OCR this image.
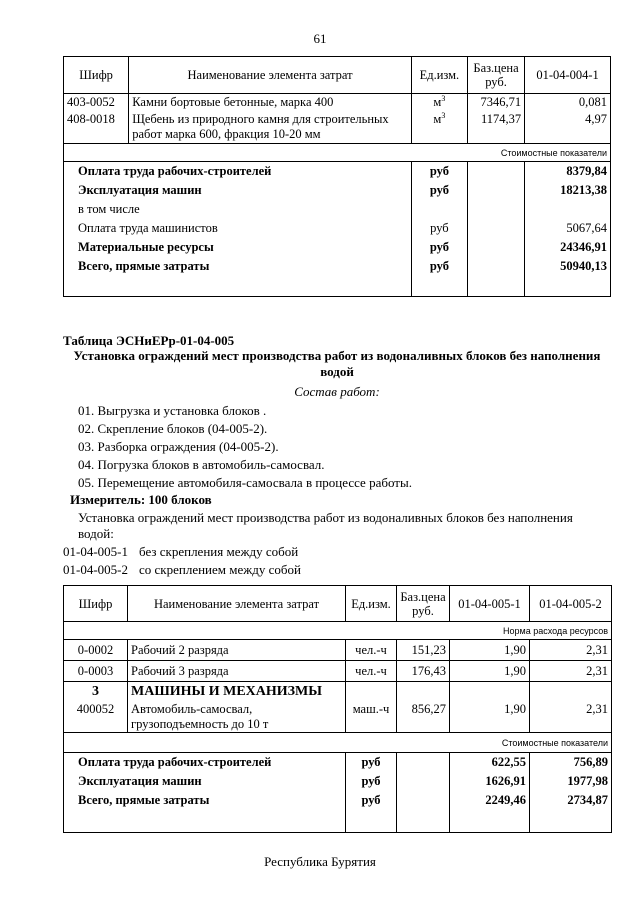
61
Шифр	Наименование элемента затрат	Ед.изм.	Баз.цена руб.	01-04-004-1
403-0052	Камни бортовые бетонные, марка 400	$м^3$	7346,71	0,081
408-0018	Щебень из природного камня для строительных работ марка 600, фракция 10-20 мм	$м^3$	1174,37	4,97
				Стоимостные показатели
Оплата труда рабочих-строителей		руб		8379,84
Эксплуатация машин		руб		18213,38
в том числе				
Оплата труда машинистов		руб		5067,64
Материальные ресурсы		руб		24346,91
Всего, прямые затраты		руб		50940,13

Таблица ЭСНиЕРр-01-04-005
Установка ограждений мест производства работ из водоналивных блоков без наполнения водой
Состав работ:
01. Выгрузка и установка блоков .
02. Скрепление блоков (04-005-2).
03. Разборка ограждения (04-005-2).
04. Погрузка блоков в автомобиль-самосвал.
05. Перемещение автомобиля-самосвала в процессе работы.
Измеритель: 100 блоков
Установка ограждений мест производства работ из водоналивных блоков без наполнения водой:
01-04-005-1 без скрепления между собой
01-04-005-2 со скреплением между собой
Шифр	Наименование элемента затрат	Ед.изм.	Баз.цена руб.	01-04-005-1	01-04-005-2
				Норма расхода ресурсов	
0-0002	Рабочий 2 разряда	чел.-ч	151,23	1,90	2,31
0-0003	Рабочий 3 разряда	чел.-ч	176,43	1,90	2,31
3	МАШИНЫ И МЕХАНИЗМЫ				
400052	Автомобиль-самосвал, грузоподъемность до 10 т	маш.-ч	856,27	1,90	2,31
				Стоимостные показатели	
Оплата труда рабочих-строителей		руб		622,55	756,89
Эксплуатация машин		руб		1626,91	1977,98
Всего, прямые затраты		руб		2249,46	2734,87

Республика Бурятия
